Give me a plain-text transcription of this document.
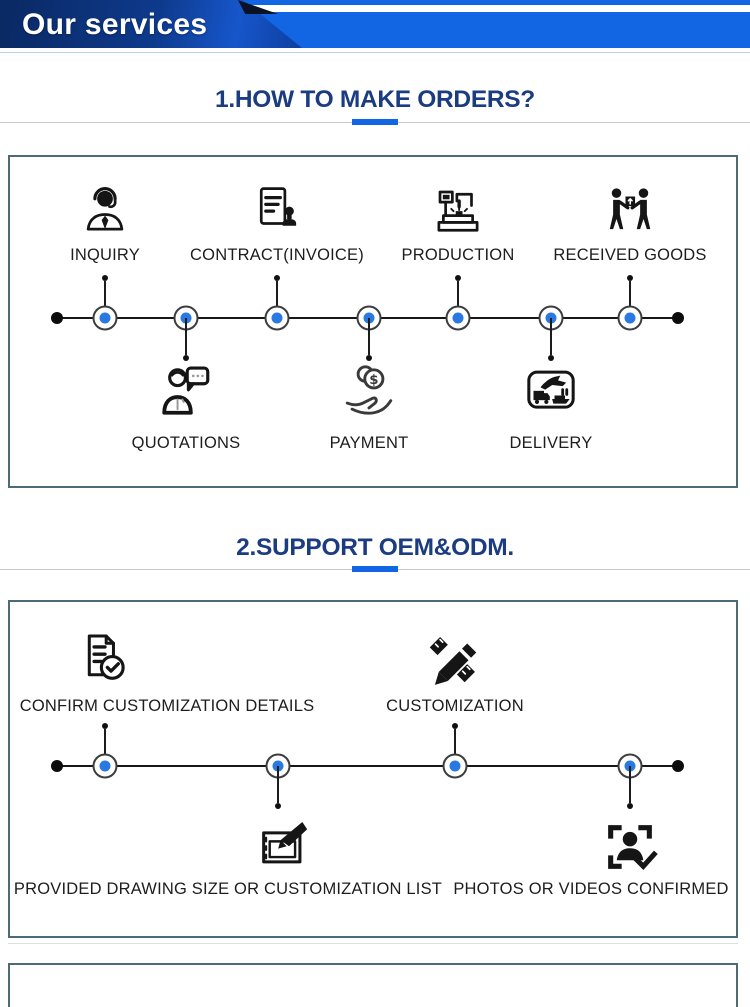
Our services
1.HOW TO MAKE ORDERS?
INQUIRY	CONTRACT(INVOICE) PRODUCTION RECEIVED GOODS
$
QUOTATIONS	PAYMENT	DELIVERY
2.SUPPORT OEM&ODM.
CONFIRM CUSTOMIZATION DETAILS	CUSTOMIZATION
PROVIDED DRAWING SIZE OR CUSTOMIZATION LIST PHOTOS OR VIDEOS CONFIRMED
